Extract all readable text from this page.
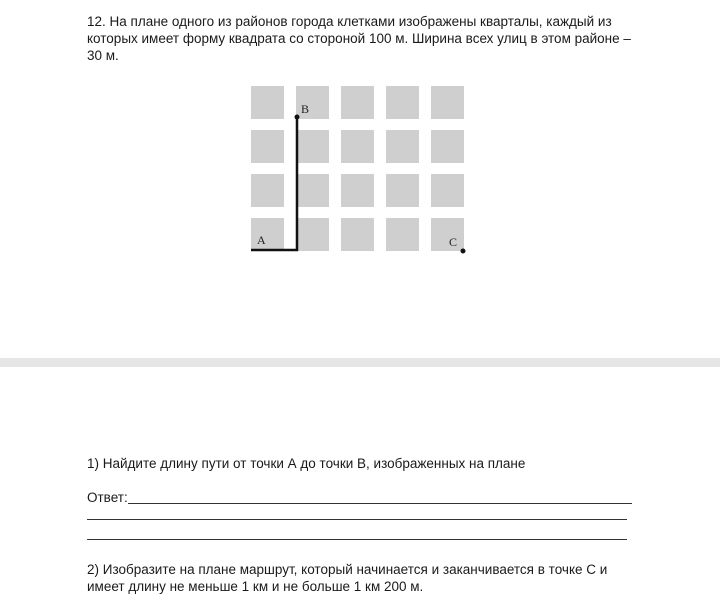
12. На плане одного из районов города клетками изображены кварталы, каждый из которых имеет форму квадрата со стороной 100 м. Ширина всех улиц в этом районе – 30 м.
A
B
C
1) Найдите длину пути от точки А до точки В, изображенных на плане
Ответ:
2) Изобразите на плане маршрут, который начинается и заканчивается в точке С и имеет длину не меньше 1 км и не больше 1 км 200 м.
